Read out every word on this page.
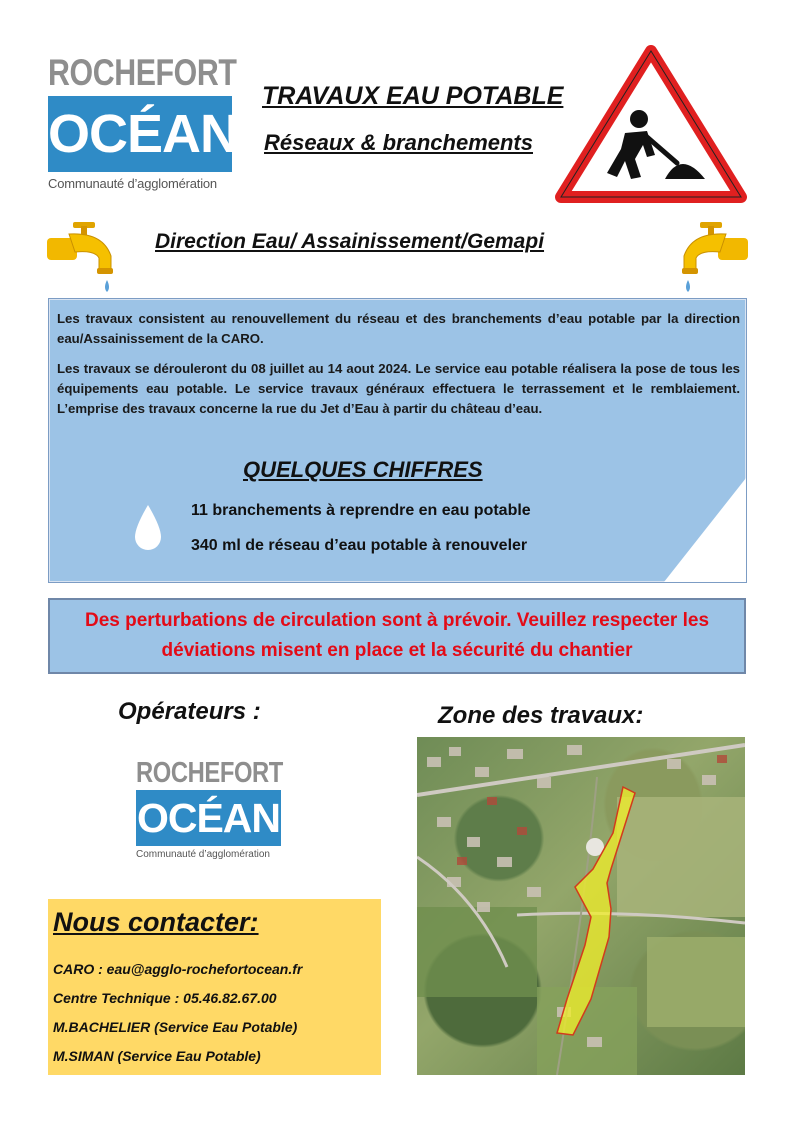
ROCHEFORT
OCÉAN
Communauté d’agglomération
TRAVAUX EAU POTABLE
Réseaux & branchements
Direction Eau/ Assainissement/Gemapi

Les travaux consistent au renouvellement du réseau et des branchements d’eau potable par la direction eau/Assainissement de la CARO.

Les travaux se dérouleront du 08 juillet au 14 aout 2024. Le service eau potable réalisera la pose de tous les équipements eau potable. Le service travaux généraux effectuera le terrassement et le remblaiement. L’emprise des travaux concerne la rue du Jet d’Eau à partir du château d’eau.

QUELQUES CHIFFRES
11 branchements à reprendre en eau potable
340 ml de réseau d’eau potable à renouveler
Des perturbations de circulation sont à prévoir. Veuillez respecter les déviations misent en place et la sécurité du chantier
Opérateurs :
ROCHEFORT
OCÉAN
Communauté d’agglomération
Zone des travaux:
Nous contacter:
CARO : eau@agglo-rochefortocean.fr
Centre Technique : 05.46.82.67.00
M.BACHELIER (Service Eau Potable)
M.SIMAN (Service Eau Potable)
